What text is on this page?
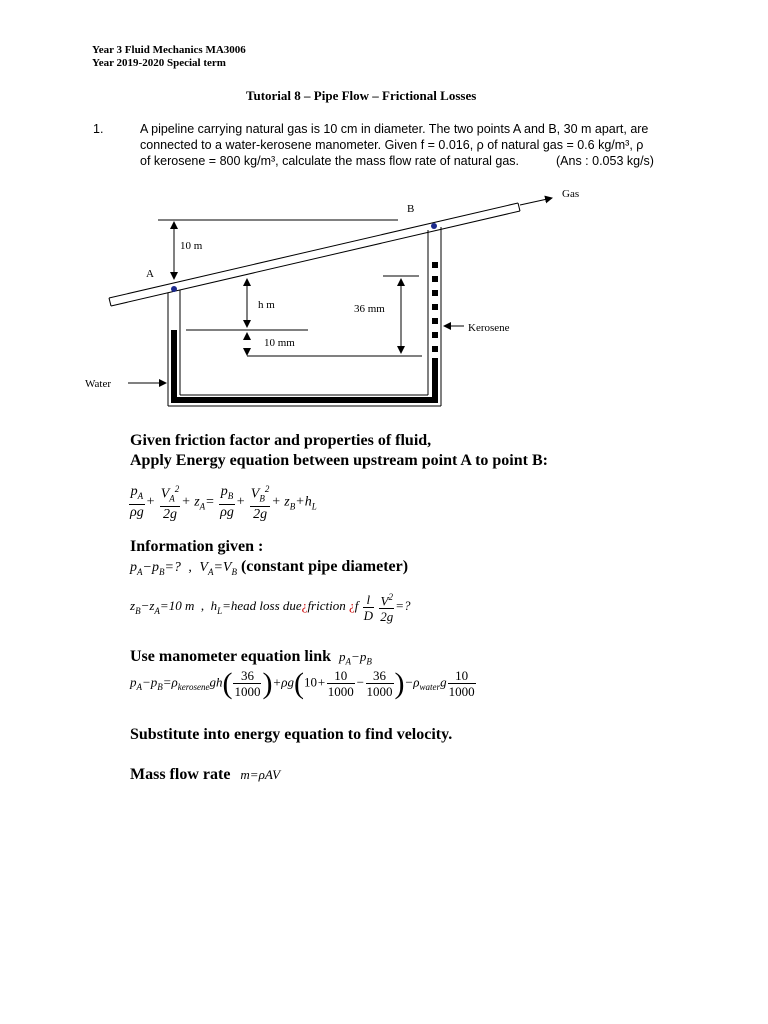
Year 3 Fluid Mechanics MA3006
Year 2019-2020 Special term
Tutorial 8 – Pipe Flow – Frictional Losses
1.	A pipeline carrying natural gas is 10 cm in diameter. The two points A and B, 30 m apart, are
connected to a water-kerosene manometer. Given f = 0.016, ρ of natural gas = 0.6 kg/m³, ρ
of kerosene = 800 kg/m³, calculate the mass flow rate of natural gas.	(Ans : 0.053 kg/s)
Gas
10 m
A
B
h m
10 mm
36 mm
Kerosene
Water
Given friction factor and properties of fluid,
Apply Energy equation between upstream point A to point B:
$\frac{p_A}{\rho g} + \frac{V_A^2}{2g} + z_A= \frac{p_B}{\rho g} + \frac{V_B^2}{2g} + z_B+h_L$
Information given :
$p_A-p_B=$?  ,  $V_A=V_B$ (constant pipe diameter)
$z_B-z_A=10$ m  ,  $h_L=head$ loss due¿friction ¿$f \frac{l}{D}$
$\frac{V^2}{2g}$ =?
Use manometer equation link $p_A-p_B$
$p_A-p_B=\rho_{kerosene}gh( \frac{36}{1000} )+\rho g(10+ \frac{10}{1000} - \frac{36}{1000} )-\rho_{water}g \frac{10}{1000}$
Substitute into energy equation to find velocity.
Mass flow rate m=ρAV
